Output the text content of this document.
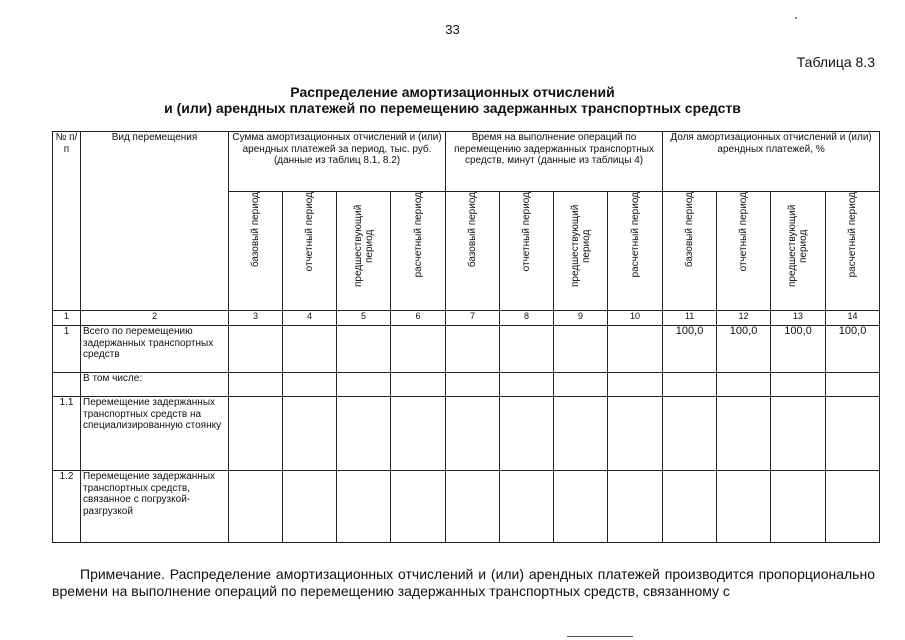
33
Таблица 8.3
Распределение амортизационных отчислений
и (или) арендных платежей по перемещению задержанных транспортных средств
№ п/п	Вид перемещения	Сумма амортизационных отчислений и (или) арендных платежей за период, тыс. руб. (данные из таблиц 8.1, 8.2)				Время на выполнение операций по перемещению задержанных транспортных средств, минут (данные из таблицы 4)				Доля амортизационных отчислений и (или) арендных платежей, %			
		базовый период	отчетный период	предшествующий период	расчетный период	базовый период	отчетный период	предшествующий период	расчетный период	базовый период	отчетный период	предшествующий период	расчетный период
1	2	3	4	5	6	7	8	9	10	11	12	13	14
1	Всего по перемещению задержанных транспортных средств									100,0	100,0	100,0	100,0
	В том числе:												
1.1	Перемещение задержанных транспортных средств на специализированную стоянку												
1.2	Перемещение задержанных транспортных средств, связанное с погрузкой-разгрузкой												
Примечание. Распределение амортизационных отчислений и (или) арендных платежей производится пропорционально времени на выполнение операций по перемещению задержанных транспортных средств, связанному с
